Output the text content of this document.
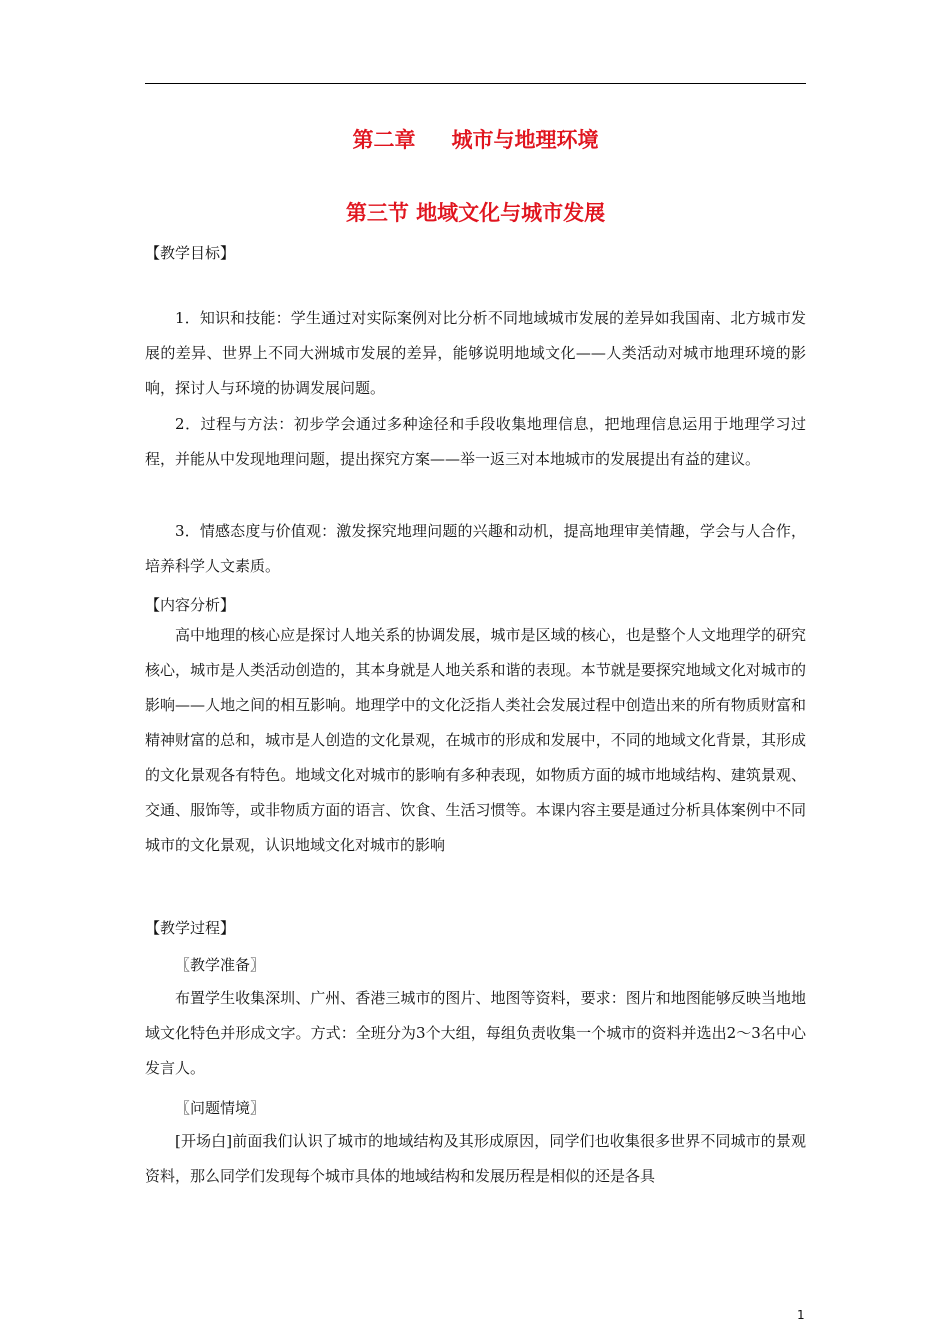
第二章 城市与地理环境
第三节 地域文化与城市发展
【教学目标】

1．知识和技能：学生通过对实际案例对比分析不同地域城市发展的差异如我国南、北方城市发展的差异、世界上不同大洲城市发展的差异，能够说明地域文化——人类活动对城市地理环境的影响，探讨人与环境的协调发展问题。

2．过程与方法：初步学会通过多种途径和手段收集地理信息，把地理信息运用于地理学习过程，并能从中发现地理问题，提出探究方案——举一返三对本地城市的发展提出有益的建议。

3．情感态度与价值观：激发探究地理问题的兴趣和动机，提高地理审美情趣，学会与人合作，培养科学人文素质。

【内容分析】

高中地理的核心应是探讨人地关系的协调发展，城市是区域的核心，也是整个人文地理学的研究核心，城市是人类活动创造的，其本身就是人地关系和谐的表现。本节就是要探究地域文化对城市的影响——人地之间的相互影响。地理学中的文化泛指人类社会发展过程中创造出来的所有物质财富和精神财富的总和，城市是人创造的文化景观，在城市的形成和发展中，不同的地域文化背景，其形成的文化景观各有特色。地域文化对城市的影响有多种表现，如物质方面的城市地域结构、建筑景观、交通、服饰等，或非物质方面的语言、饮食、生活习惯等。本课内容主要是通过分析具体案例中不同城市的文化景观，认识地域文化对城市的影响

【教学过程】
〖教学准备〗

布置学生收集深圳、广州、香港三城市的图片、地图等资料，要求：图片和地图能够反映当地地域文化特色并形成文字。方式：全班分为3个大组，每组负责收集一个城市的资料并选出2～3名中心发言人。

〖问题情境〗

[开场白]前面我们认识了城市的地域结构及其形成原因，同学们也收集很多世界不同城市的景观资料，那么同学们发现每个城市具体的地域结构和发展历程是相似的还是各具

1
